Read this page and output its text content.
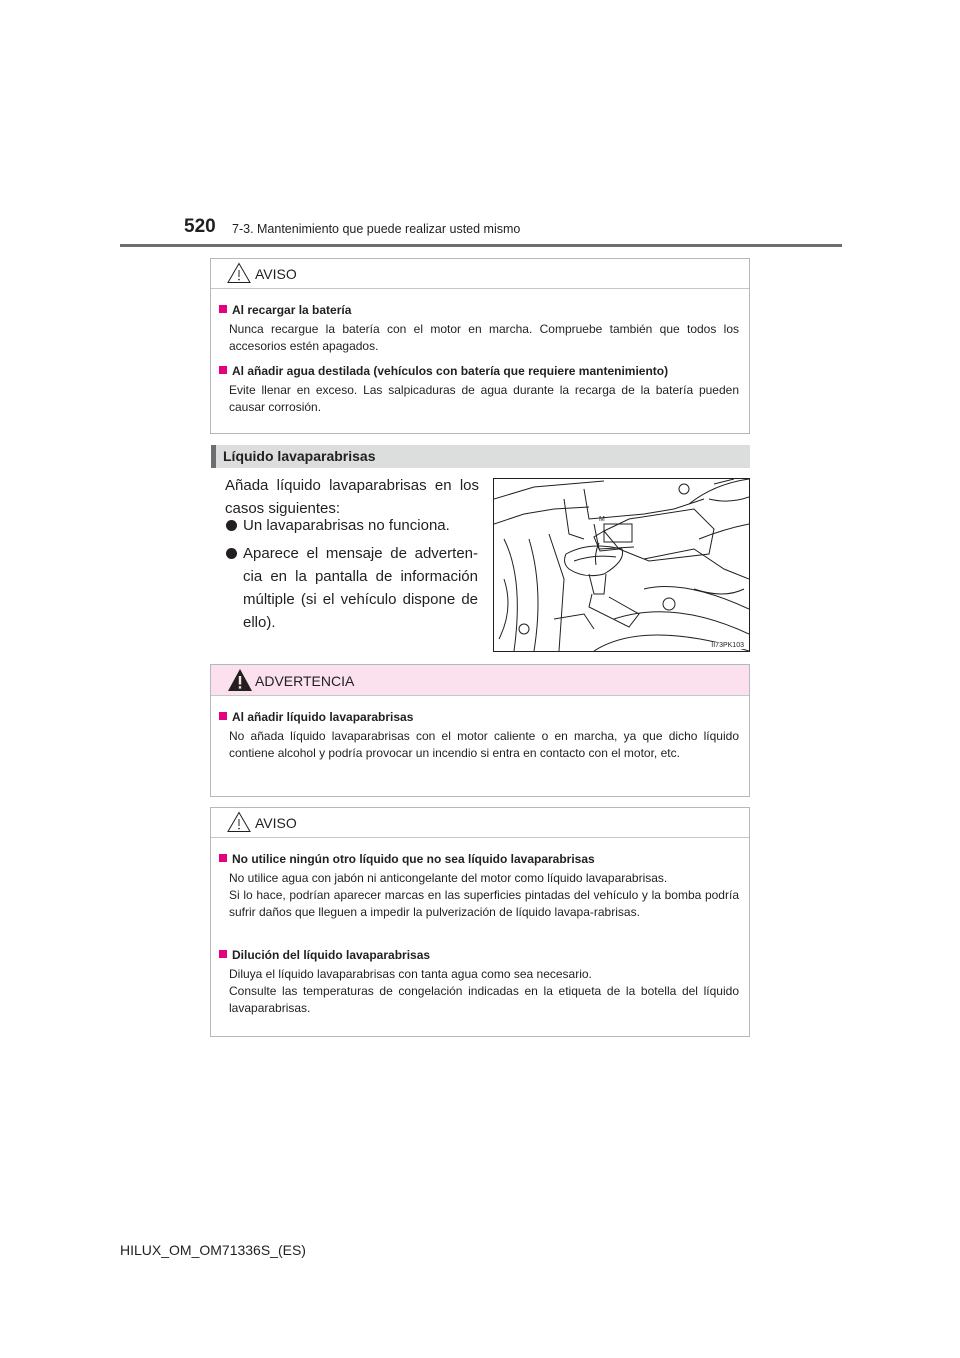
520 7-3. Mantenimiento que puede realizar usted mismo
AVISO
Al recargar la batería

Nunca recargue la batería con el motor en marcha. Compruebe también que todos los accesorios estén apagados.

Al añadir agua destilada (vehículos con batería que requiere mantenimiento)

Evite llenar en exceso. Las salpicaduras de agua durante la recarga de la batería pueden causar corrosión.

Líquido lavaparabrisas
Añada líquido lavaparabrisas en los casos siguientes:
Un lavaparabrisas no funciona.
Aparece el mensaje de adverten-cia en la pantalla de información múltiple (si el vehículo dispone de ello).
M
II73PK103
ADVERTENCIA
Al añadir líquido lavaparabrisas

No añada líquido lavaparabrisas con el motor caliente o en marcha, ya que dicho líquido contiene alcohol y podría provocar un incendio si entra en contacto con el motor, etc.

AVISO
No utilice ningún otro líquido que no sea líquido lavaparabrisas

No utilice agua con jabón ni anticongelante del motor como líquido lavaparabrisas.

Si lo hace, podrían aparecer marcas en las superficies pintadas del vehículo y la bomba podría sufrir daños que lleguen a impedir la pulverización de líquido lavapa-rabrisas.

Dilución del líquido lavaparabrisas

Diluya el líquido lavaparabrisas con tanta agua como sea necesario.

Consulte las temperaturas de congelación indicadas en la etiqueta de la botella del líquido lavaparabrisas.

HILUX_OM_OM71336S_(ES)
